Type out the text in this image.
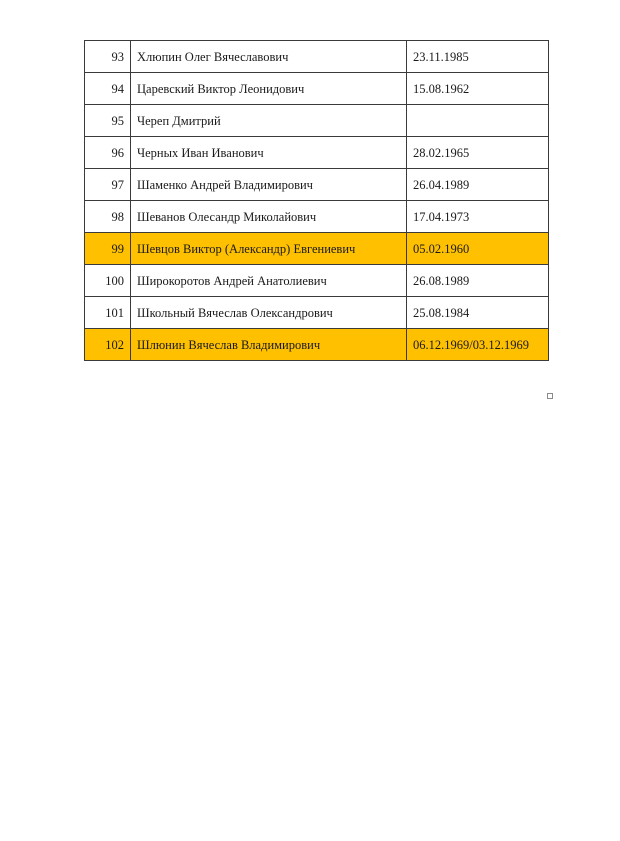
93	Хлюпин Олег Вячеславович	23.11.1985
94	Царевский Виктор Леонидович	15.08.1962
95	Череп Дмитрий	
96	Черных Иван Иванович	28.02.1965
97	Шаменко Андрей Владимирович	26.04.1989
98	Шеванов Олесандр Миколайович	17.04.1973
99	Шевцов Виктор (Александр) Евгениевич	05.02.1960
100	Широкоротов Андрей Анатолиевич	26.08.1989
101	Школьный Вячеслав Олександрович	25.08.1984
102	Шлюнин Вячеслав Владимирович	06.12.1969/03.12.1969
